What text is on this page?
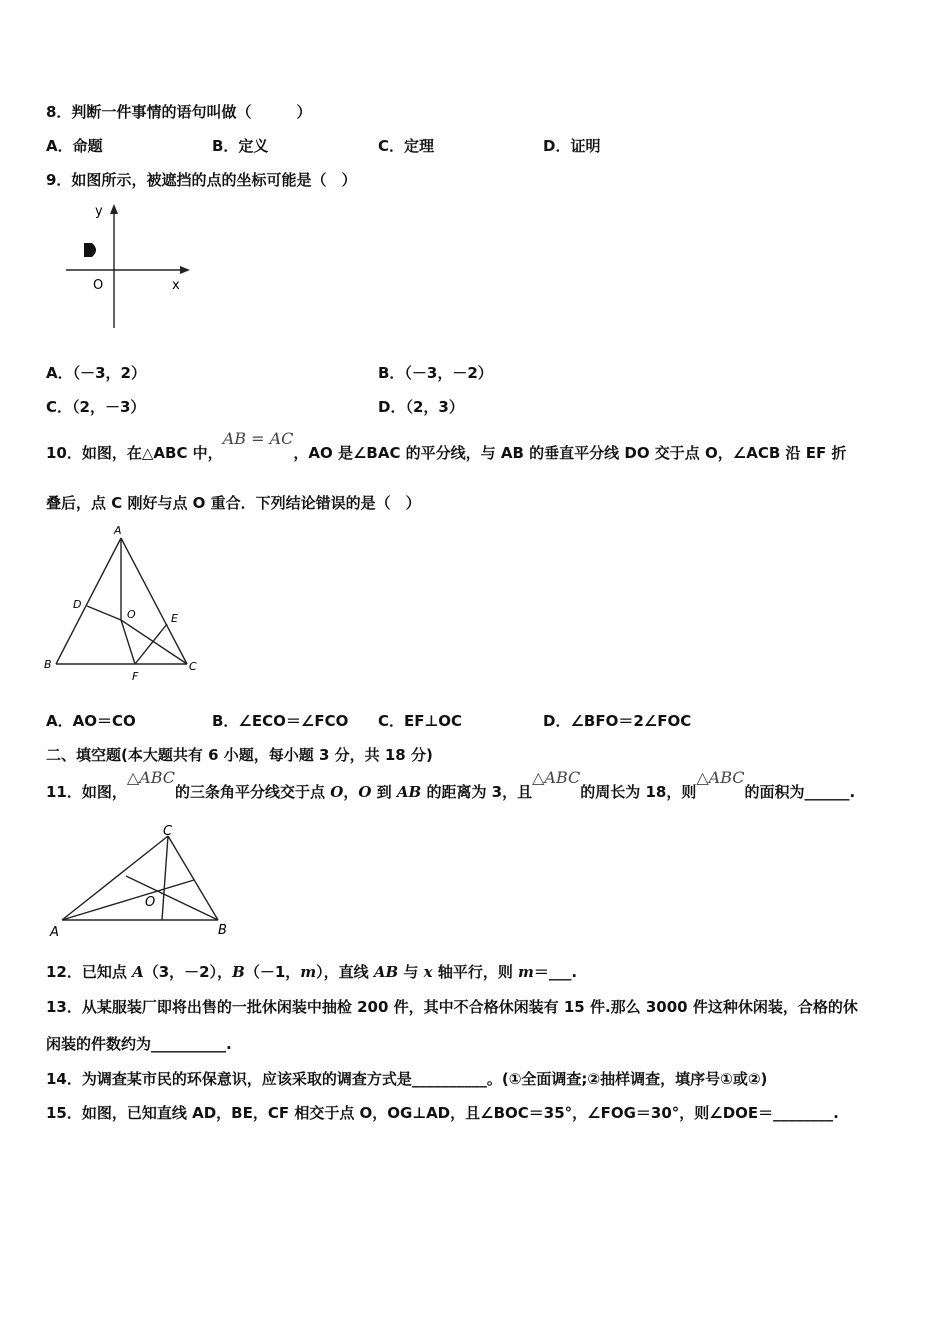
8．判断一件事情的语句叫做（　　　）
A．命题	B．定义	C．定理	D．证明
9．如图所示，被遮挡的点的坐标可能是（　）
y
O	x
A．（－3，2）	B．（－3，－2）
C．（2，－3）	D．（2，3）
10．如图，在△ABC 中，AB = AC，AO 是∠BAC 的平分线，与 AB 的垂直平分线 DO 交于点 O，∠ACB 沿 EF 折
叠后，点 C 刚好与点 O 重合．下列结论错误的是（　）
A
D
O	E
B
F
C
A．AO＝CO	B．∠ECO＝∠FCO C．EF⊥OC	D．∠BFO＝2∠FOC
二、填空题(本大题共有 6 小题，每小题 3 分，共 18 分)
11．如图，△ABC的三条角平分线交于点 O，O 到 AB 的距离为 3，且△ABC的周长为 18，则△ABC的面积为______.
C
O
A	B
12．已知点 A（3，－2），B（－1，m），直线 AB 与 x 轴平行，则 m＝___.
13．从某服装厂即将出售的一批休闲装中抽检 200 件，其中不合格休闲装有 15 件.那么 3000 件这种休闲装，合格的休
闲装的件数约为__________.
14．为调查某市民的环保意识，应该采取的调查方式是__________。(①全面调查;②抽样调查，填序号①或②)
15．如图，已知直线 AD，BE，CF 相交于点 O，OG⊥AD，且∠BOC＝35°，∠FOG＝30°，则∠DOE＝________.
